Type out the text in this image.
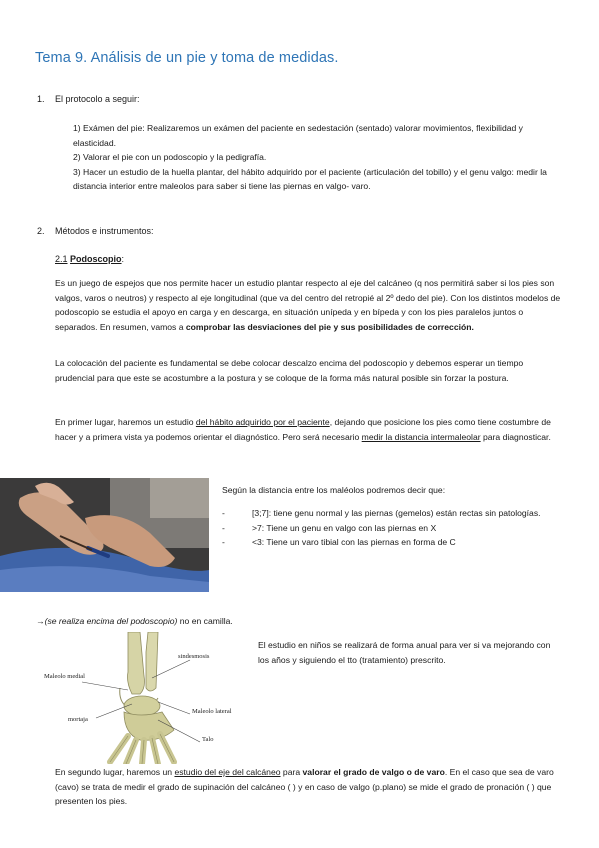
Tema 9. Análisis de un pie y toma de medidas.
1. El protocolo a seguir:
1) Exámen del pie: Realizaremos un exámen del paciente en sedestación (sentado) valorar movimientos, flexibilidad y elasticidad.
2) Valorar el pie con un podoscopio y la pedigrafía.
3) Hacer un estudio de la huella plantar, del hábito adquirido por el paciente (articulación del tobillo) y el genu valgo: medir la distancia interior entre maleolos para saber si tiene las piernas en valgo- varo.
2. Métodos e instrumentos:
2.1 Podoscopio:
Es un juego de espejos que nos permite hacer un estudio plantar respecto al eje del calcáneo (q nos permitirá saber si los pies son valgos, varos o neutros) y respecto al eje longitudinal (que va del centro del retropié al 2º dedo del pie). Con los distintos modelos de podoscopio se estudia el apoyo en carga y en descarga, en situación unípeda y en bípeda y con los pies paralelos juntos o separados. En resumen, vamos a comprobar las desviaciones del pie y sus posibilidades de corrección.
La colocación del paciente es fundamental se debe colocar descalzo encima del podoscopio y debemos esperar un tiempo prudencial para que este se acostumbre a la postura y se coloque de la forma más natural posible sin forzar la postura.
En primer lugar, haremos un estudio del hábito adquirido por el paciente, dejando que posicione los pies como tiene costumbre de hacer y a primera vista ya podemos orientar el diagnóstico. Pero será necesario medir la distancia intermaleolar para diagnosticar.
Según la distancia entre los maléolos podremos decir que:
-	[3;7]: tiene genu normal y las piernas (gemelos) están rectas sin patologías.
-	>7: Tiene un genu en valgo con las piernas en X
-	<3: Tiene un varo tibial con las piernas en forma de C
→(se realiza encima del podoscopio) no en camilla.
Maleolo medial
sindesmosis
mortaja
Maleolo lateral
Talo
El estudio en niños se realizará de forma anual para ver si va mejorando con los años y siguiendo el tto (tratamiento) prescrito.
En segundo lugar, haremos un estudio del eje del calcáneo para valorar el grado de valgo o de varo. En el caso que sea de varo (cavo) se trata de medir el grado de supinación del calcáneo ( ) y en caso de valgo (p.plano) se mide el grado de pronación ( ) que presenten los pies.
